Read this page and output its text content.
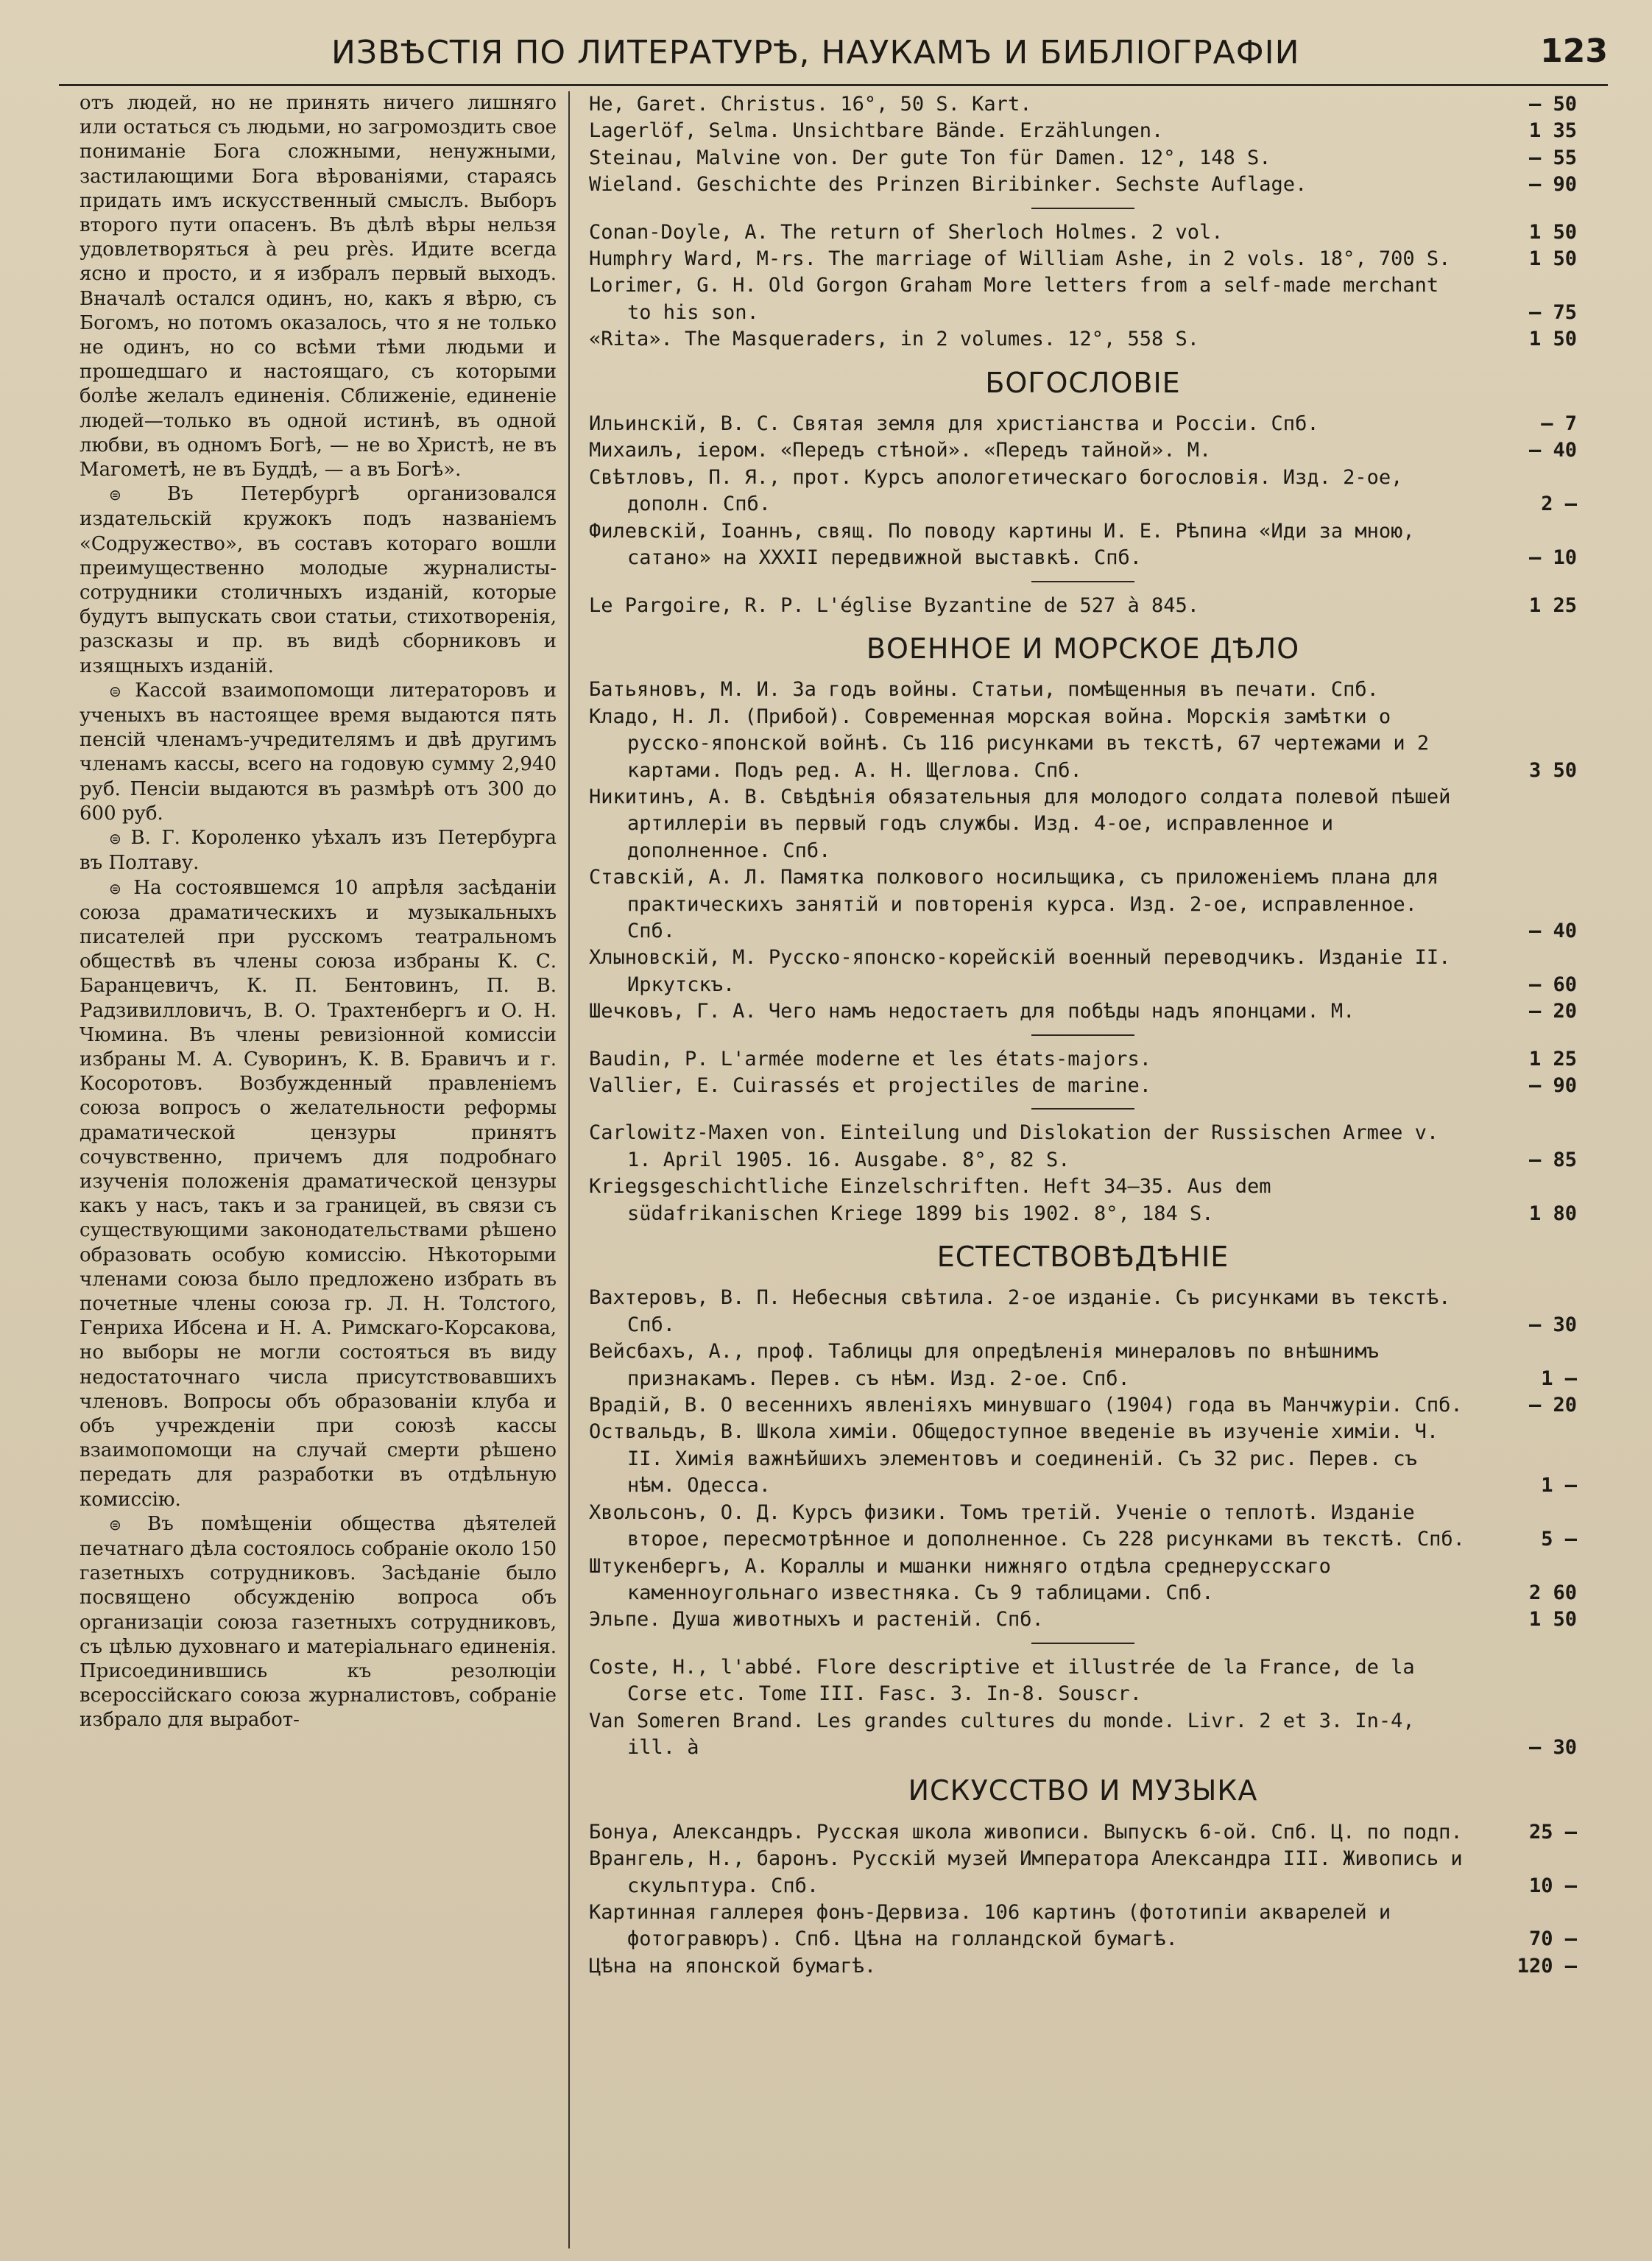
ИЗВѢСТІЯ ПО ЛИТЕРАТУРѢ, НАУКАМЪ И БИБЛІОГРАФІИ	123

отъ людей, но не принять ничего лишняго или остаться съ людьми, но загромоздить свое пониманіе Бога сложными, ненужными, застилающими Бога вѣрованіями, стараясь придать имъ искусственный смыслъ. Выборъ второго пути опасенъ. Въ дѣлѣ вѣры нельзя удовлетворяться à peu près. Идите всегда ясно и просто, и я избралъ первый выходъ. Вначалѣ остался одинъ, но, какъ я вѣрю, съ Богомъ, но потомъ оказалось, что я не только не одинъ, но со всѣми тѣми людьми и прошедшаго и настоящаго, съ которыми болѣе желалъ единенія. Сближеніе, единеніе людей—только въ одной истинѣ, въ одной любви, въ одномъ Богѣ, — не во Христѣ, не въ Магометѣ, не въ Буддѣ, — а въ Богѣ».

⊜ Въ Петербургѣ организовался издательскій кружокъ подъ названіемъ «Содружество», въ составъ котораго вошли преимущественно молодые журналисты-сотрудники столичныхъ изданій, которые будутъ выпускать свои статьи, стихотворенія, разсказы и пр. въ видѣ сборниковъ и изящныхъ изданій.

⊜ Кассой взаимопомощи литераторовъ и ученыхъ въ настоящее время выдаются пять пенсій членамъ-учредителямъ и двѣ другимъ членамъ кассы, всего на годовую сумму 2,940 руб. Пенсіи выдаются въ размѣрѣ отъ 300 до 600 руб.

⊜ В. Г. Короленко уѣхалъ изъ Петербурга въ Полтаву.

⊜ На состоявшемся 10 апрѣля засѣданіи союза драматическихъ и музыкальныхъ писателей при русскомъ театральномъ обществѣ въ члены союза избраны К. С. Баранцевичъ, К. П. Бентовинъ, П. В. Радзивилловичъ, В. О. Трахтенбергъ и О. Н. Чюмина. Въ члены ревизіонной комиссіи избраны М. А. Суворинъ, К. В. Бравичъ и г. Косоротовъ. Возбужденный правленіемъ союза вопросъ о желательности реформы драматической цензуры принятъ сочувственно, причемъ для подробнаго изученія положенія драматической цензуры какъ у насъ, такъ и за границей, въ связи съ существующими законодательствами рѣшено образовать особую комиссію. Нѣкоторыми членами союза было предложено избрать въ почетные члены союза гр. Л. Н. Толстого, Генриха Ибсена и Н. А. Римскаго-Корсакова, но выборы не могли состояться въ виду недостаточнаго числа присутствовавшихъ членовъ. Вопросы объ образованіи клуба и объ учрежденіи при союзѣ кассы взаимопомощи на случай смерти рѣшено передать для разработки въ отдѣльную комиссію.

⊜ Въ помѣщеніи общества дѣятелей печатнаго дѣла состоялось собраніе около 150 газетныхъ сотрудниковъ. Засѣданіе было посвящено обсужденію вопроса объ организаціи союза газетныхъ сотрудниковъ, съ цѣлью духовнаго и матеріальнаго единенія. Присоединившись къ резолюціи всероссійскаго союза журналистовъ, собраніе избрало для выработ-

He, Garet. Christus. 16°, 50 S. Kart.	— 50
Lagerlöf, Selma. Unsichtbare Bände. Erzählungen.	1 35
Steinau, Malvine von. Der gute Ton für Damen. 12°, 148 S.	— 55
Wieland. Geschichte des Prinzen Biribinker. Sechste Auflage.	— 90
Conan-Doyle, A. The return of Sherloch Holmes. 2 vol.	1 50
Humphry Ward, M-rs. The marriage of William Ashe, in 2 vols. 18°, 700 S.	1 50
Lorimer, G. H. Old Gorgon Graham More letters from a self-made merchant to his son.	— 75
«Rita». The Masqueraders, in 2 volumes. 12°, 558 S.	1 50
БОГОСЛОВІЕ
Ильинскій, В. С. Святая земля для христіанства и Россіи. Спб.	— 7
Михаилъ, іером. «Передъ стѣной». «Передъ тайной». М.	— 40
Свѣтловъ, П. Я., прот. Курсъ апологетическаго богословія. Изд. 2-ое, дополн. Спб.	2 —
Филевскій, Іоаннъ, свящ. По поводу картины И. Е. Рѣпина «Иди за мною, сатано» на XXXII передвижной выставкѣ. Спб.	— 10
Le Pargoire, R. P. L'église Byzantine de 527 à 845.	1 25
ВОЕННОЕ И МОРСКОЕ ДѢЛО
Батьяновъ, М. И. За годъ войны. Статьи, помѣщенныя въ печати. Спб.
Кладо, Н. Л. (Прибой). Современная морская война. Морскія замѣтки о русско-японской войнѣ. Съ 116 рисунками въ текстѣ, 67 чертежами и 2 картами. Подъ ред. А. Н. Щеглова. Спб.	3 50
Никитинъ, А. В. Свѣдѣнія обязательныя для молодого солдата полевой пѣшей артиллеріи въ первый годъ службы. Изд. 4-ое, исправленное и дополненное. Спб.
Ставскій, А. Л. Памятка полкового носильщика, съ приложеніемъ плана для практическихъ занятій и повторенія курса. Изд. 2-ое, исправленное. Спб.	— 40
Хлыновскій, М. Русско-японско-корейскій военный переводчикъ. Изданіе II. Иркутскъ.	— 60
Шечковъ, Г. А. Чего намъ недостаетъ для побѣды надъ японцами. М.	— 20
Baudin, P. L'armée moderne et les états-majors.	1 25
Vallier, E. Cuirassés et projectiles de marine.	— 90
Carlowitz-Maxen von. Einteilung und Dislokation der Russischen Armee v. 1. April 1905. 16. Ausgabe. 8°, 82 S.	— 85
Kriegsgeschichtliche Einzelschriften. Heft 34—35. Aus dem südafrikanischen Kriege 1899 bis 1902. 8°, 184 S.	1 80
ЕСТЕСТВОВѢДѢНІЕ
Вахтеровъ, В. П. Небесныя свѣтила. 2-ое изданіе. Съ рисунками въ текстѣ. Спб.	— 30
Вейсбахъ, А., проф. Таблицы для опредѣленія минераловъ по внѣшнимъ признакамъ. Перев. съ нѣм. Изд. 2-ое. Спб.	1 —
Врадій, В. О весеннихъ явленіяхъ минувшаго (1904) года въ Манчжуріи. Спб.	— 20
Оствальдъ, В. Школа химіи. Общедоступное введеніе въ изученіе химіи. Ч. II. Химія важнѣйшихъ элементовъ и соединеній. Съ 32 рис. Перев. съ нѣм. Одесса.	1 —
Хвольсонъ, О. Д. Курсъ физики. Томъ третій. Ученіе о теплотѣ. Изданіе второе, пересмотрѣнное и дополненное. Съ 228 рисунками въ текстѣ. Спб.	5 —
Штукенбергъ, А. Кораллы и мшанки нижняго отдѣла среднерусскаго каменноугольнаго известняка. Съ 9 таблицами. Спб.	2 60
Эльпе. Душа животныхъ и растеній. Спб.	1 50
Coste, H., l'abbé. Flore descriptive et illustrée de la France, de la Corse etc. Tome III. Fasc. 3. In-8. Souscr.
Van Someren Brand. Les grandes cultures du monde. Livr. 2 et 3. In-4, ill. à	— 30
ИСКУССТВО И МУЗЫКА
Бонуа, Александръ. Русская школа живописи. Выпускъ 6-ой. Спб. Ц. по подп.	25 —
Врангель, Н., баронъ. Русскій музей Императора Александра III. Живопись и скульптура. Спб.	10 —
Картинная галлерея фонъ-Дервиза. 106 картинъ (фототипіи акварелей и фотогравюръ). Спб. Цѣна на голландской бумагѣ.	70 —
Цѣна на японской бумагѣ.	120 —
